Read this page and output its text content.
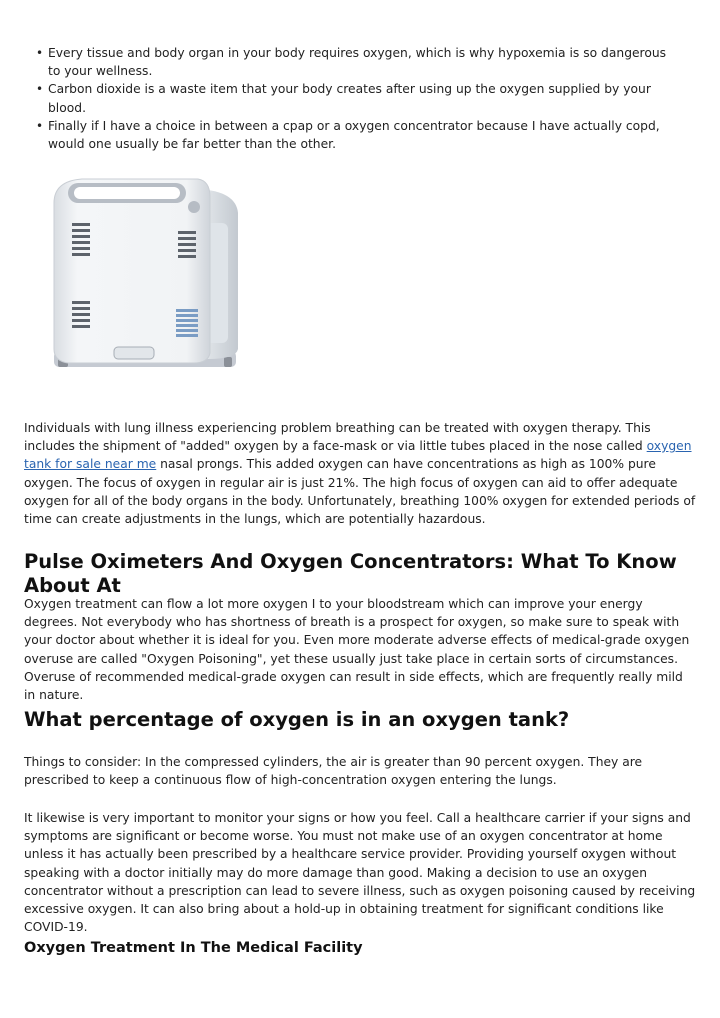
• Every tissue and body organ in your body requires oxygen, which is why hypoxemia is so dangerous to your wellness.
• Carbon dioxide is a waste item that your body creates after using up the oxygen supplied by your blood.
• Finally if I have a choice in between a cpap or a oxygen concentrator because I have actually copd, would one usually be far better than the other.

Individuals with lung illness experiencing problem breathing can be treated with oxygen therapy. This includes the shipment of "added" oxygen by a face-mask or via little tubes placed in the nose called oxygen tank for sale near me nasal prongs. This added oxygen can have concentrations as high as 100% pure oxygen. The focus of oxygen in regular air is just 21%. The high focus of oxygen can aid to offer adequate oxygen for all of the body organs in the body. Unfortunately, breathing 100% oxygen for extended periods of time can create adjustments in the lungs, which are potentially hazardous.

Pulse Oximeters And Oxygen Concentrators: What To Know About At

Oxygen treatment can flow a lot more oxygen I to your bloodstream which can improve your energy degrees. Not everybody who has shortness of breath is a prospect for oxygen, so make sure to speak with your doctor about whether it is ideal for you. Even more moderate adverse effects of medical-grade oxygen overuse are called "Oxygen Poisoning", yet these usually just take place in certain sorts of circumstances. Overuse of recommended medical-grade oxygen can result in side effects, which are frequently really mild in nature.

What percentage of oxygen is in an oxygen tank?

Things to consider: In the compressed cylinders, the air is greater than 90 percent oxygen. They are prescribed to keep a continuous flow of high-concentration oxygen entering the lungs.

It likewise is very important to monitor your signs or how you feel. Call a healthcare carrier if your signs and symptoms are significant or become worse. You must not make use of an oxygen concentrator at home unless it has actually been prescribed by a healthcare service provider. Providing yourself oxygen without speaking with a doctor initially may do more damage than good. Making a decision to use an oxygen concentrator without a prescription can lead to severe illness, such as oxygen poisoning caused by receiving excessive oxygen. It can also bring about a hold-up in obtaining treatment for significant conditions like COVID-19.

Oxygen Treatment In The Medical Facility
